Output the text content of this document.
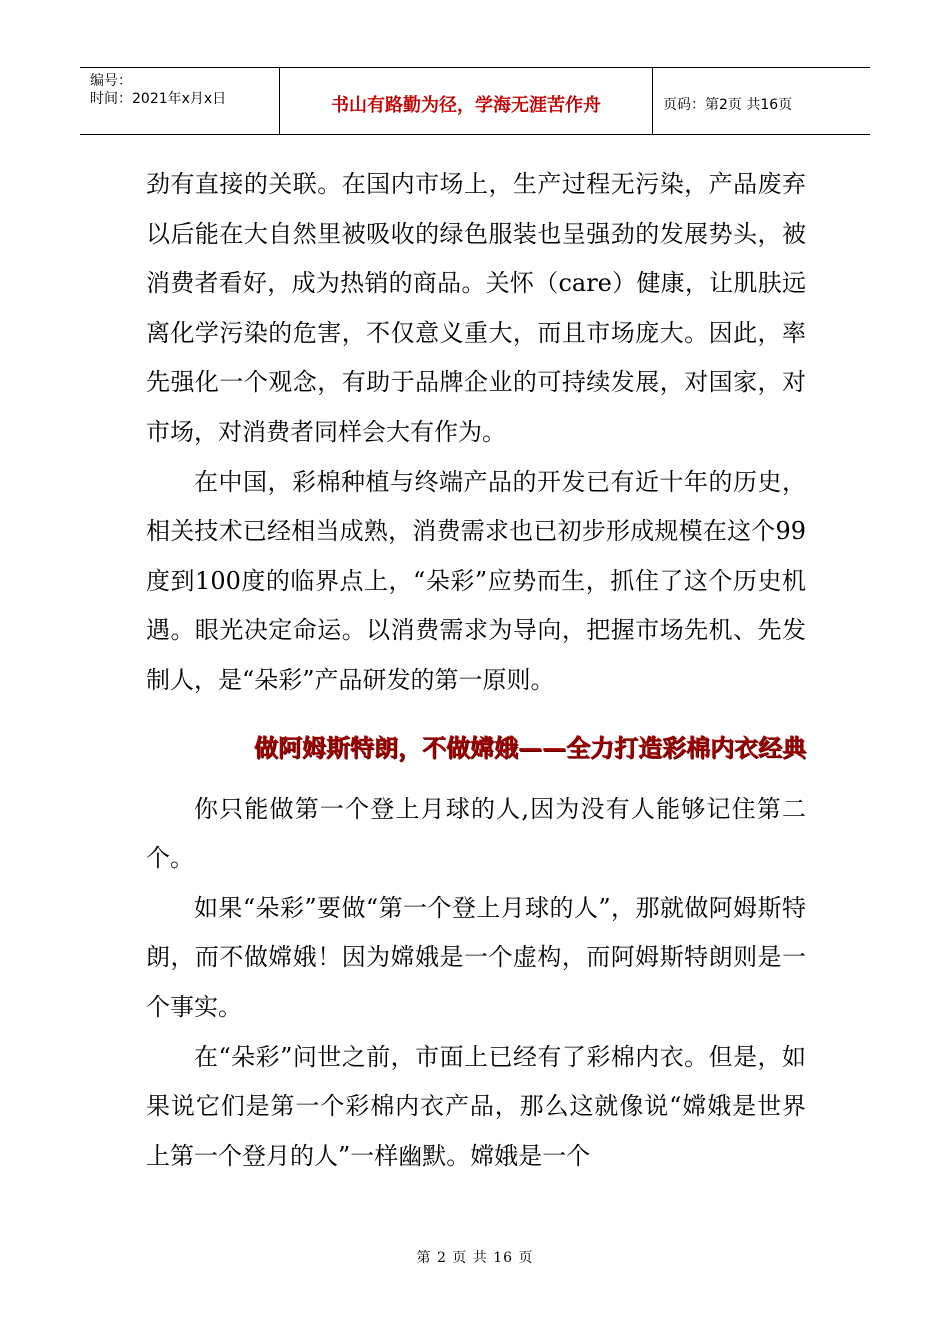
编号：
时间：2021年x月x日	书山有路勤为径，学海无涯苦作舟	页码：第2页 共16页

劲有直接的关联。在国内市场上，生产过程无污染，产品废弃以后能在大自然里被吸收的绿色服装也呈强劲的发展势头，被消费者看好，成为热销的商品。关怀（care）健康，让肌肤远离化学污染的危害，不仅意义重大，而且市场庞大。因此，率先强化一个观念，有助于品牌企业的可持续发展，对国家，对市场，对消费者同样会大有作为。

在中国，彩棉种植与终端产品的开发已有近十年的历史，相关技术已经相当成熟，消费需求也已初步形成规模在这个99度到100度的临界点上，“朵彩”应势而生，抓住了这个历史机遇。眼光决定命运。以消费需求为导向，把握市场先机、先发制人，是“朵彩”产品研发的第一原则。

做阿姆斯特朗，不做嫦娥——全力打造彩棉内衣经典

你只能做第一个登上月球的人,因为没有人能够记住第二个。

如果“朵彩”要做“第一个登上月球的人”，那就做阿姆斯特朗，而不做嫦娥！因为嫦娥是一个虚构，而阿姆斯特朗则是一个事实。

在“朵彩”问世之前，市面上已经有了彩棉内衣。但是，如果说它们是第一个彩棉内衣产品，那么这就像说“嫦娥是世界上第一个登月的人”一样幽默。嫦娥是一个

第 2 页 共 16 页
